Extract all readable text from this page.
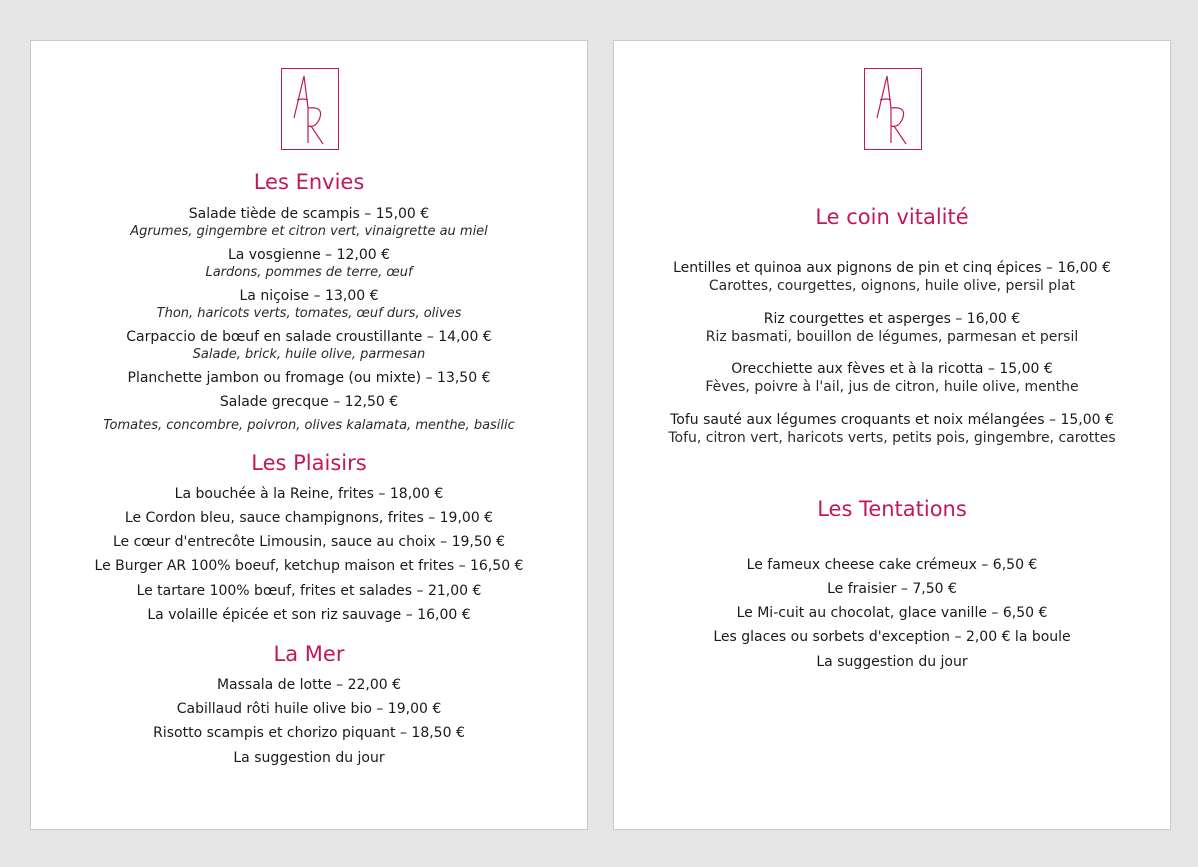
Les Envies
Salade tiède de scampis – 15,00 €
Agrumes, gingembre et citron vert, vinaigrette au miel
La vosgienne – 12,00 €
Lardons, pommes de terre, œuf
La niçoise – 13,00 €
Thon, haricots verts, tomates, œuf durs, olives
Carpaccio de bœuf en salade croustillante – 14,00 €
Salade, brick, huile olive, parmesan
Planchette jambon ou fromage (ou mixte) – 13,50 €
Salade grecque – 12,50 €
Tomates, concombre, poivron, olives kalamata, menthe, basilic
Les Plaisirs
La bouchée à la Reine, frites – 18,00 €
Le Cordon bleu, sauce champignons, frites – 19,00 €
Le cœur d'entrecôte Limousin, sauce au choix – 19,50 €
Le Burger AR 100% boeuf, ketchup maison et frites – 16,50 €
Le tartare 100% bœuf, frites et salades – 21,00 €
La volaille épicée et son riz sauvage – 16,00 €
La Mer
Massala de lotte – 22,00 €
Cabillaud rôti huile olive bio – 19,00 €
Risotto scampis et chorizo piquant – 18,50 €
La suggestion du jour
Le coin vitalité
Lentilles et quinoa aux pignons de pin et cinq épices – 16,00 €
Carottes, courgettes, oignons, huile olive, persil plat
Riz courgettes et asperges – 16,00 €
Riz basmati, bouillon de légumes, parmesan et persil
Orecchiette aux fèves et à la ricotta – 15,00 €
Fèves, poivre à l'ail, jus de citron, huile olive, menthe
Tofu sauté aux légumes croquants et noix mélangées – 15,00 €
Tofu, citron vert, haricots verts, petits pois, gingembre, carottes
Les Tentations
Le fameux cheese cake crémeux – 6,50 €
Le fraisier – 7,50 €
Le Mi-cuit au chocolat, glace vanille – 6,50 €
Les glaces ou sorbets d'exception – 2,00 € la boule
La suggestion du jour
